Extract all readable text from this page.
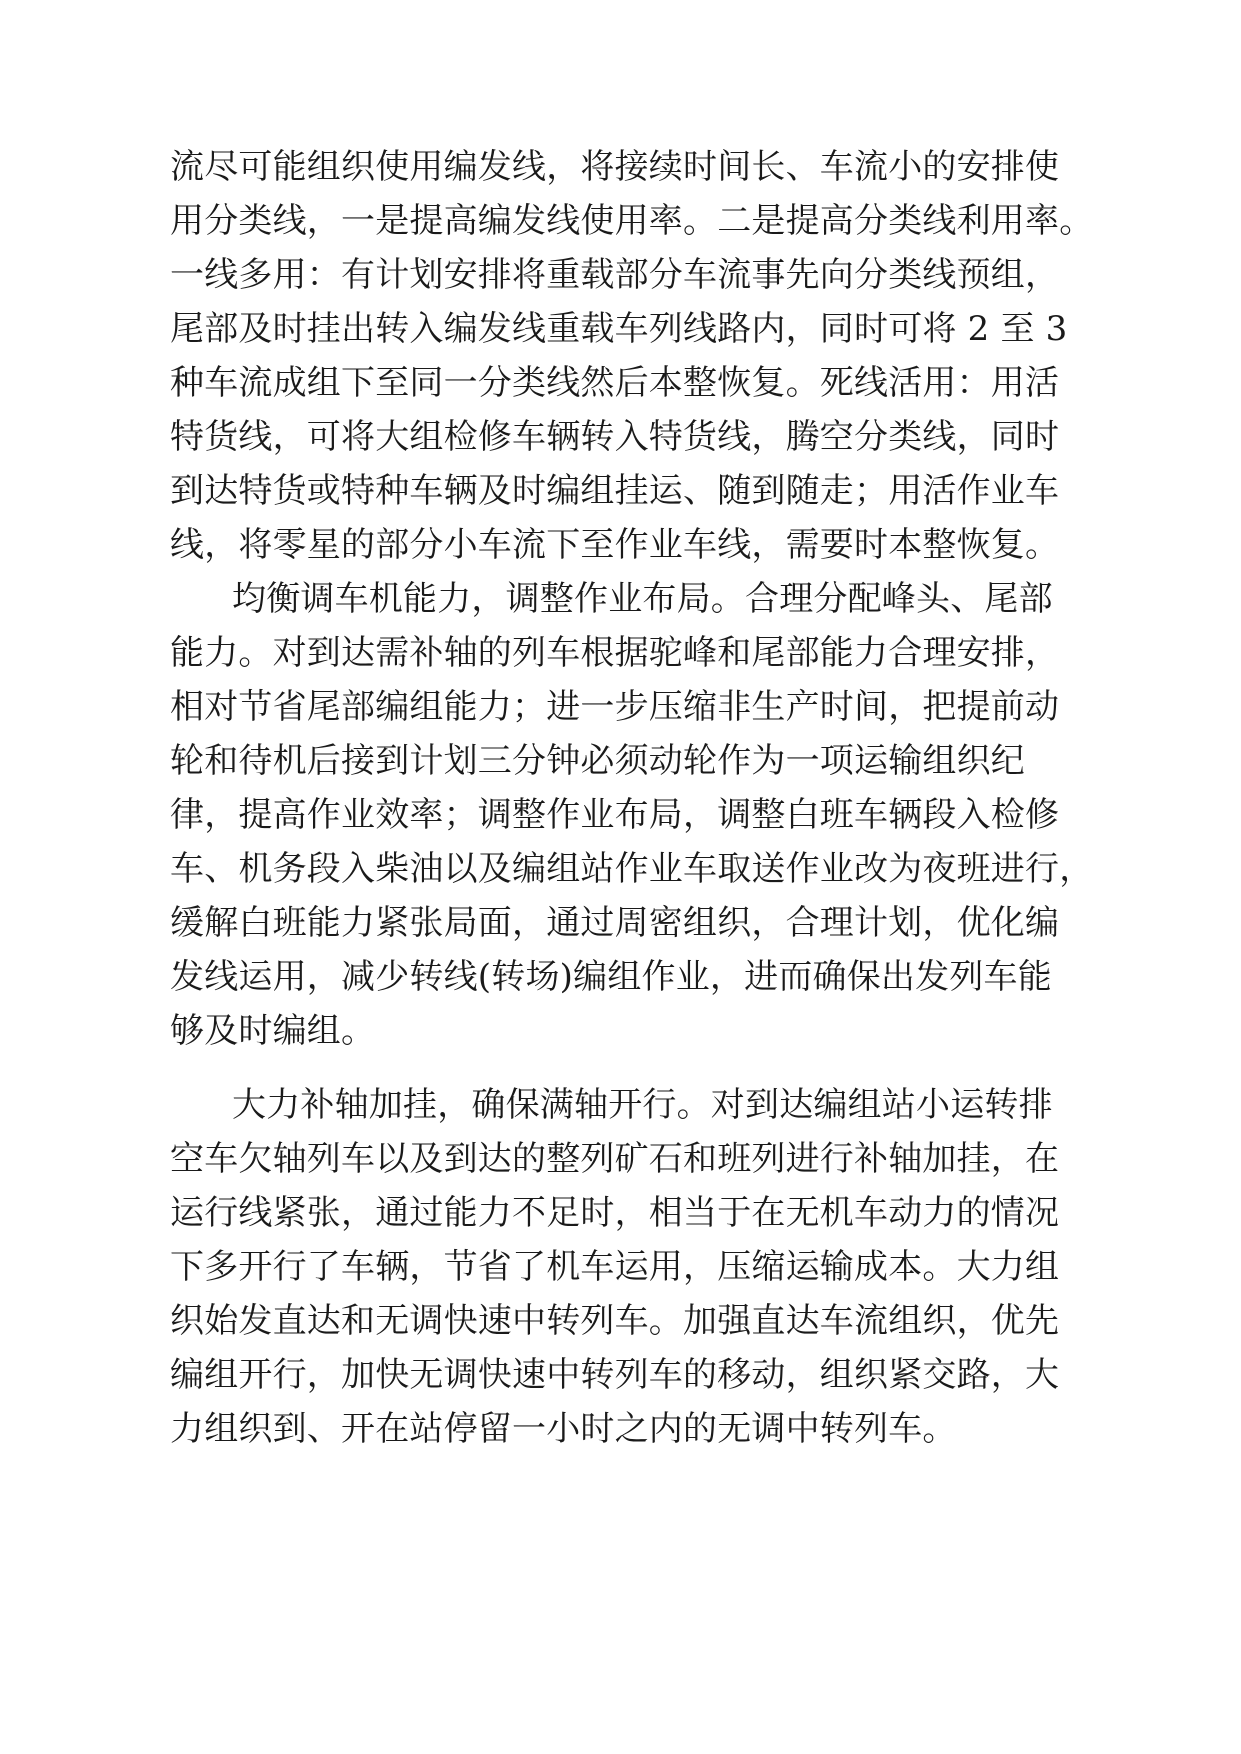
流尽可能组织使用编发线，将接续时间长、车流小的安排使
用分类线，一是提高编发线使用率。二是提高分类线利用率。
一线多用：有计划安排将重载部分车流事先向分类线预组，
尾部及时挂出转入编发线重载车列线路内，同时可将 2 至 3
种车流成组下至同一分类线然后本整恢复。死线活用：用活
特货线，可将大组检修车辆转入特货线，腾空分类线，同时
到达特货或特种车辆及时编组挂运、随到随走；用活作业车
线，将零星的部分小车流下至作业车线，需要时本整恢复。
均衡调车机能力，调整作业布局。合理分配峰头、尾部
能力。对到达需补轴的列车根据驼峰和尾部能力合理安排，
相对节省尾部编组能力；进一步压缩非生产时间，把提前动
轮和待机后接到计划三分钟必须动轮作为一项运输组织纪
律，提高作业效率；调整作业布局，调整白班车辆段入检修
车、机务段入柴油以及编组站作业车取送作业改为夜班进行，
缓解白班能力紧张局面，通过周密组织，合理计划，优化编
发线运用，减少转线(转场)编组作业，进而确保出发列车能
够及时编组。
大力补轴加挂，确保满轴开行。对到达编组站小运转排
空车欠轴列车以及到达的整列矿石和班列进行补轴加挂，在
运行线紧张，通过能力不足时，相当于在无机车动力的情况
下多开行了车辆，节省了机车运用，压缩运输成本。大力组
织始发直达和无调快速中转列车。加强直达车流组织，优先
编组开行，加快无调快速中转列车的移动，组织紧交路，大
力组织到、开在站停留一小时之内的无调中转列车。
